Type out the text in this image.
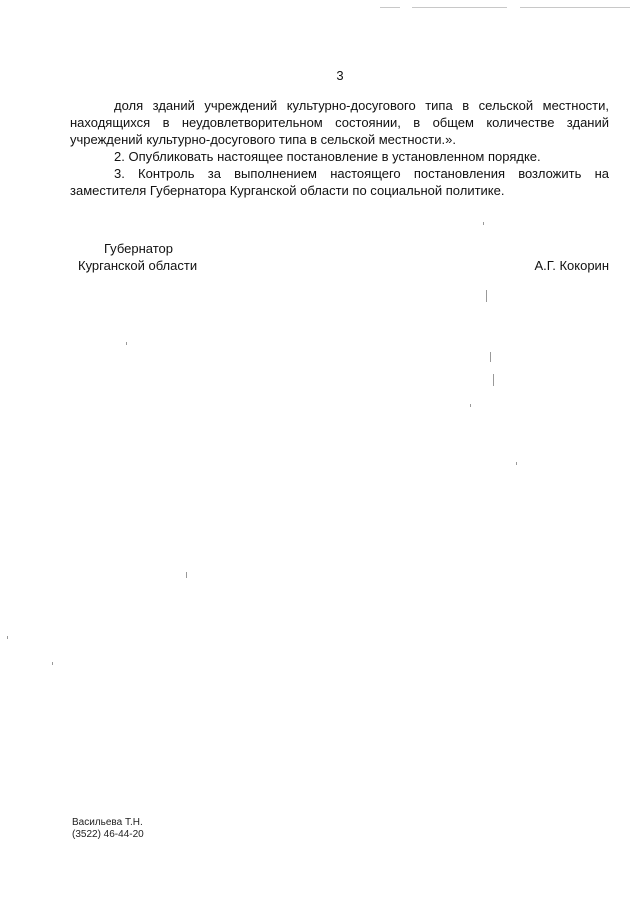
3

доля зданий учреждений культурно-досугового типа в сельской местности, находящихся в неудовлетворительном состоянии, в общем количестве зданий учреждений культурно-досугового типа в сельской местности.».

2. Опубликовать настоящее постановление в установленном порядке.

3. Контроль за выполнением настоящего постановления возложить на заместителя Губернатора Курганской области по социальной политике.

Губернатор
Курганской области	А.Г. Кокорин
Васильева Т.Н.
(3522) 46-44-20
